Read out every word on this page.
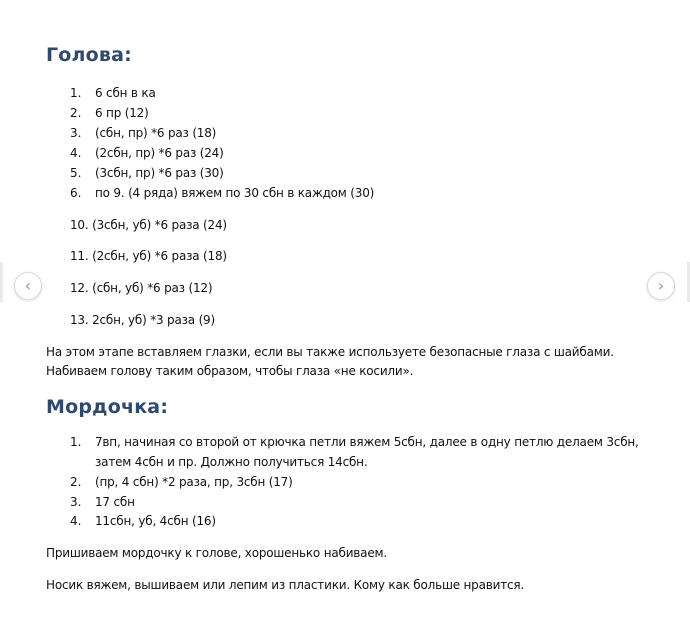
Голова:
1. 6 сбн в ка
2. 6 пр (12)
3. (сбн, пр) *6 раз (18)
4. (2сбн, пр) *6 раз (24)
5. (3сбн, пр) *6 раз (30)
6. по 9. (4 ряда) вяжем по 30 сбн в каждом (30)
10. (3сбн, уб) *6 раза (24)
11. (2сбн, уб) *6 раза (18)
12. (сбн, уб) *6 раз (12)
13. 2сбн, уб) *3 раза (9)
На этом этапе вставляем глазки, если вы также используете безопасные глаза с шайбами.
Набиваем голову таким образом, чтобы глаза «не косили».
Мордочка:
1. 7вп, начиная со второй от крючка петли вяжем 5сбн, далее в одну петлю делаем 3сбн,
затем 4сбн и пр. Должно получиться 14сбн.
2. (пр, 4 сбн) *2 раза, пр, 3сбн (17)
3. 17 сбн
4. 11сбн, уб, 4сбн (16)
Пришиваем мордочку к голове, хорошенько набиваем.
Носик вяжем, вышиваем или лепим из пластики. Кому как больше нравится.
‹	›
